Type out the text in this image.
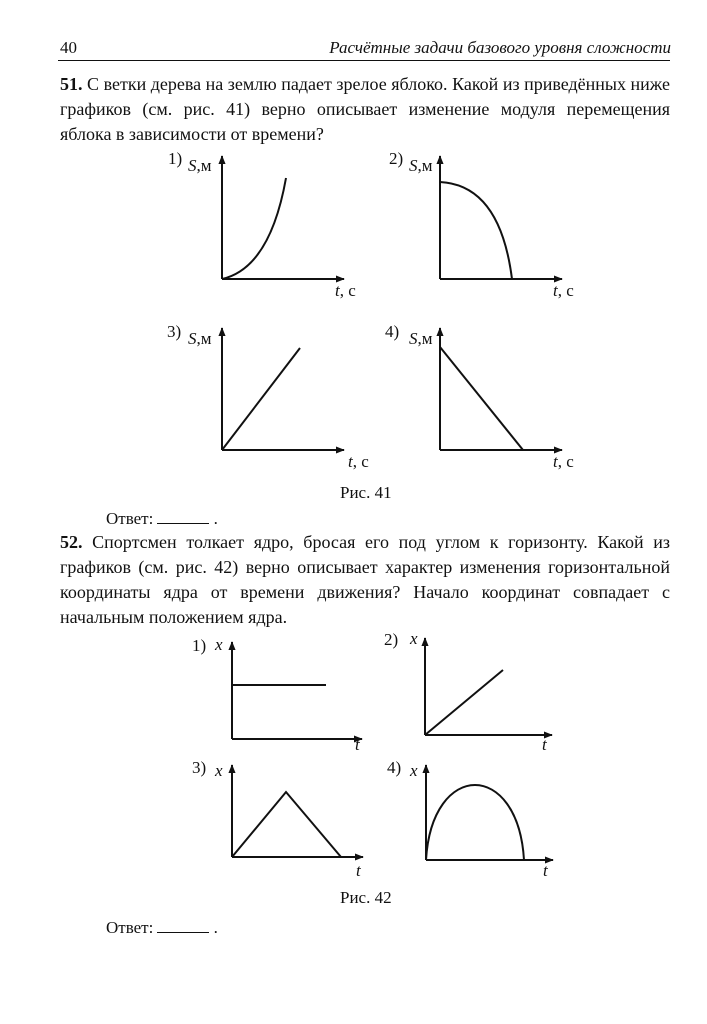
40	Расчётные задачи базового уровня сложности

51. С ветки дерева на землю падает зрелое яблоко. Какой из приведённых ниже графиков (см. рис. 41) верно описывает изменение модуля перемещения яблока в зависимости от времени?

1) S,м
t, с
2) S,м
t, с
3) S,м
t, с
4) S,м
t, с
1) x
t
2) x
t
3) x
t
4) x
t
Рис. 41
Ответ:	.

52. Спортсмен толкает ядро, бросая его под углом к горизонту. Какой из графиков (см. рис. 42) верно описывает характер изменения горизонтальной координаты ядра от времени движения? Начало координат совпадает с начальным положением ядра.

Рис. 42
Ответ:	.
